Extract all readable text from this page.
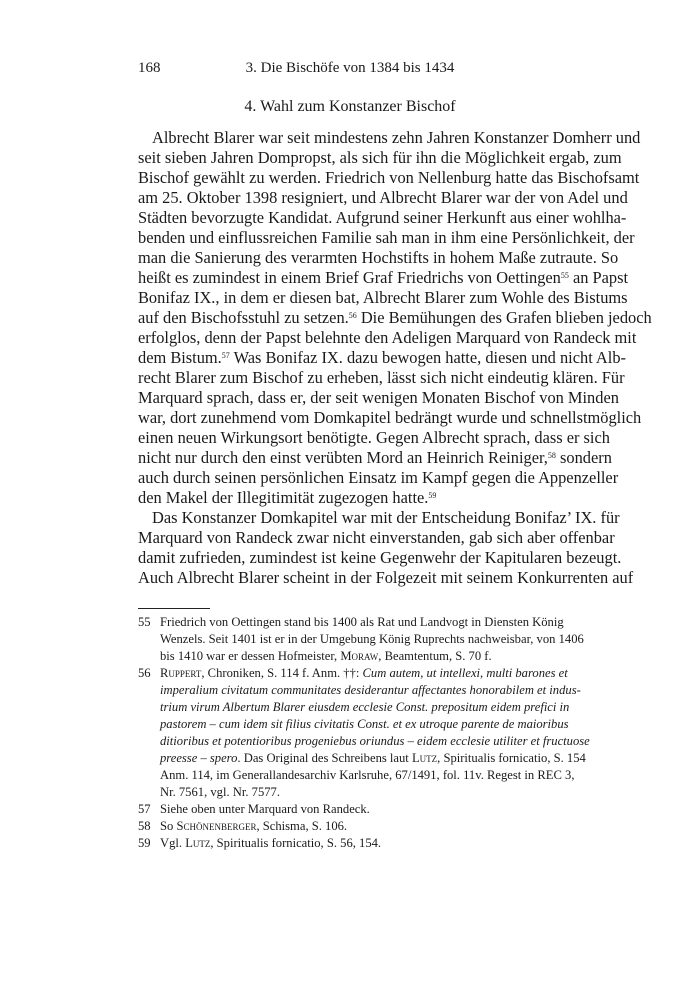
168	3. Die Bischöfe von 1384 bis 1434
4. Wahl zum Konstanzer Bischof
Albrecht Blarer war seit mindestens zehn Jahren Konstanzer Domherr und
seit sieben Jahren Dompropst, als sich für ihn die Möglichkeit ergab, zum
Bischof gewählt zu werden. Friedrich von Nellenburg hatte das Bischofsamt
am 25. Oktober 1398 resigniert, und Albrecht Blarer war der von Adel und
Städten bevorzugte Kandidat. Aufgrund seiner Herkunft aus einer wohlha-
benden und einflussreichen Familie sah man in ihm eine Persönlichkeit, der
man die Sanierung des verarmten Hochstifts in hohem Maße zutraute. So
heißt es zumindest in einem Brief Graf Friedrichs von Oettingen$^{55}$ an Papst
Bonifaz IX., in dem er diesen bat, Albrecht Blarer zum Wohle des Bistums
auf den Bischofsstuhl zu setzen.$^{56}$ Die Bemühungen des Grafen blieben jedoch
erfolglos, denn der Papst belehnte den Adeligen Marquard von Randeck mit
dem Bistum.$^{57}$ Was Bonifaz IX. dazu bewogen hatte, diesen und nicht Alb-
recht Blarer zum Bischof zu erheben, lässt sich nicht eindeutig klären. Für
Marquard sprach, dass er, der seit wenigen Monaten Bischof von Minden
war, dort zunehmend vom Domkapitel bedrängt wurde und schnellstmöglich
einen neuen Wirkungsort benötigte. Gegen Albrecht sprach, dass er sich
nicht nur durch den einst verübten Mord an Heinrich Reiniger,$^{58}$ sondern
auch durch seinen persönlichen Einsatz im Kampf gegen die Appenzeller
den Makel der Illegitimität zugezogen hatte.$^{59}$
Das Konstanzer Domkapitel war mit der Entscheidung Bonifaz’ IX. für
Marquard von Randeck zwar nicht einverstanden, gab sich aber offenbar
damit zufrieden, zumindest ist keine Gegenwehr der Kapitularen bezeugt.
Auch Albrecht Blarer scheint in der Folgezeit mit seinem Konkurrenten auf
55 Friedrich von Oettingen stand bis 1400 als Rat und Landvogt in Diensten König
Wenzels. Seit 1401 ist er in der Umgebung König Ruprechts nachweisbar, von 1406
bis 1410 war er dessen Hofmeister, Moraw, Beamtentum, S. 70 f.
56 Ruppert, Chroniken, S. 114 f. Anm. ††: Cum autem, ut intellexi, multi barones et
imperalium civitatum communitates desiderantur affectantes honorabilem et indus-
trium virum Albertum Blarer eiusdem ecclesie Const. prepositum eidem prefici in
pastorem – cum idem sit filius civitatis Const. et ex utroque parente de maioribus
ditioribus et potentioribus progeniebus oriundus – eidem ecclesie utiliter et fructuose
preesse – spero. Das Original des Schreibens laut Lutz, Spiritualis fornicatio, S. 154
Anm. 114, im Generallandesarchiv Karlsruhe, 67/1491, fol. 11v. Regest in REC 3,
Nr. 7561, vgl. Nr. 7577.
57 Siehe oben unter Marquard von Randeck.
58 So Schönenberger, Schisma, S. 106.
59 Vgl. Lutz, Spiritualis fornicatio, S. 56, 154.
